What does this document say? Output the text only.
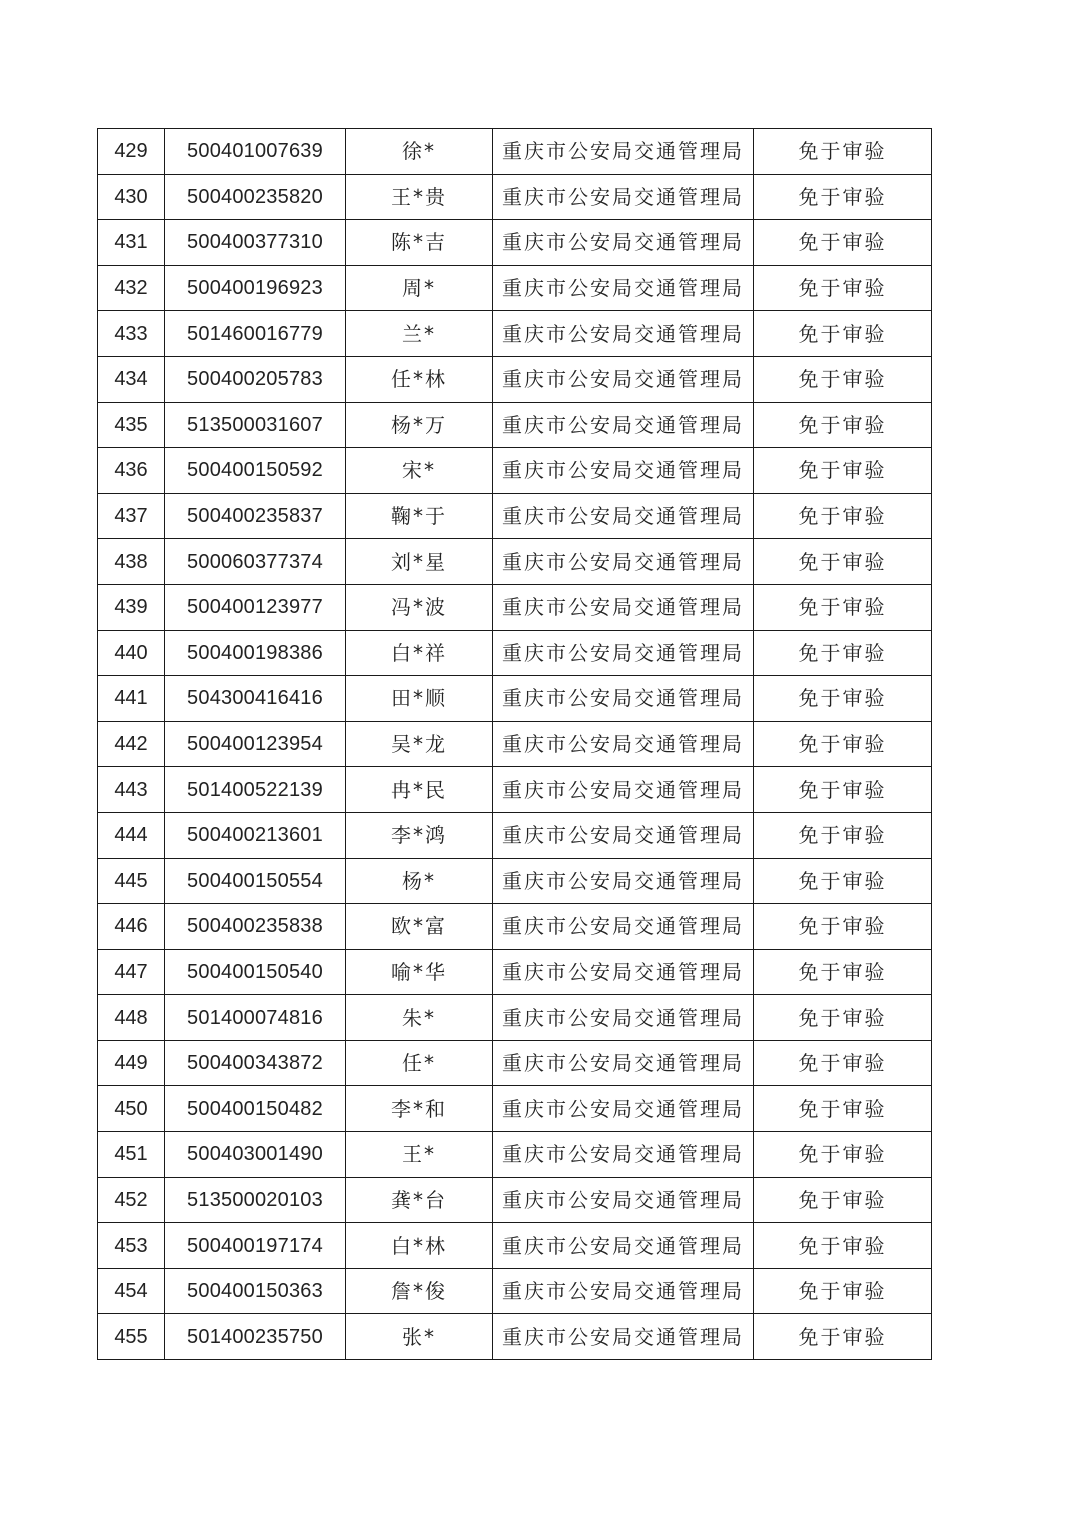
429	500401007639	徐*	重庆市公安局交通管理局	免于审验
430	500400235820	王*贵	重庆市公安局交通管理局	免于审验
431	500400377310	陈*吉	重庆市公安局交通管理局	免于审验
432	500400196923	周*	重庆市公安局交通管理局	免于审验
433	501460016779	兰*	重庆市公安局交通管理局	免于审验
434	500400205783	任*林	重庆市公安局交通管理局	免于审验
435	513500031607	杨*万	重庆市公安局交通管理局	免于审验
436	500400150592	宋*	重庆市公安局交通管理局	免于审验
437	500400235837	鞠*于	重庆市公安局交通管理局	免于审验
438	500060377374	刘*星	重庆市公安局交通管理局	免于审验
439	500400123977	冯*波	重庆市公安局交通管理局	免于审验
440	500400198386	白*祥	重庆市公安局交通管理局	免于审验
441	504300416416	田*顺	重庆市公安局交通管理局	免于审验
442	500400123954	吴*龙	重庆市公安局交通管理局	免于审验
443	501400522139	冉*民	重庆市公安局交通管理局	免于审验
444	500400213601	李*鸿	重庆市公安局交通管理局	免于审验
445	500400150554	杨*	重庆市公安局交通管理局	免于审验
446	500400235838	欧*富	重庆市公安局交通管理局	免于审验
447	500400150540	喻*华	重庆市公安局交通管理局	免于审验
448	501400074816	朱*	重庆市公安局交通管理局	免于审验
449	500400343872	任*	重庆市公安局交通管理局	免于审验
450	500400150482	李*和	重庆市公安局交通管理局	免于审验
451	500403001490	王*	重庆市公安局交通管理局	免于审验
452	513500020103	龚*台	重庆市公安局交通管理局	免于审验
453	500400197174	白*林	重庆市公安局交通管理局	免于审验
454	500400150363	詹*俊	重庆市公安局交通管理局	免于审验
455	501400235750	张*	重庆市公安局交通管理局	免于审验
